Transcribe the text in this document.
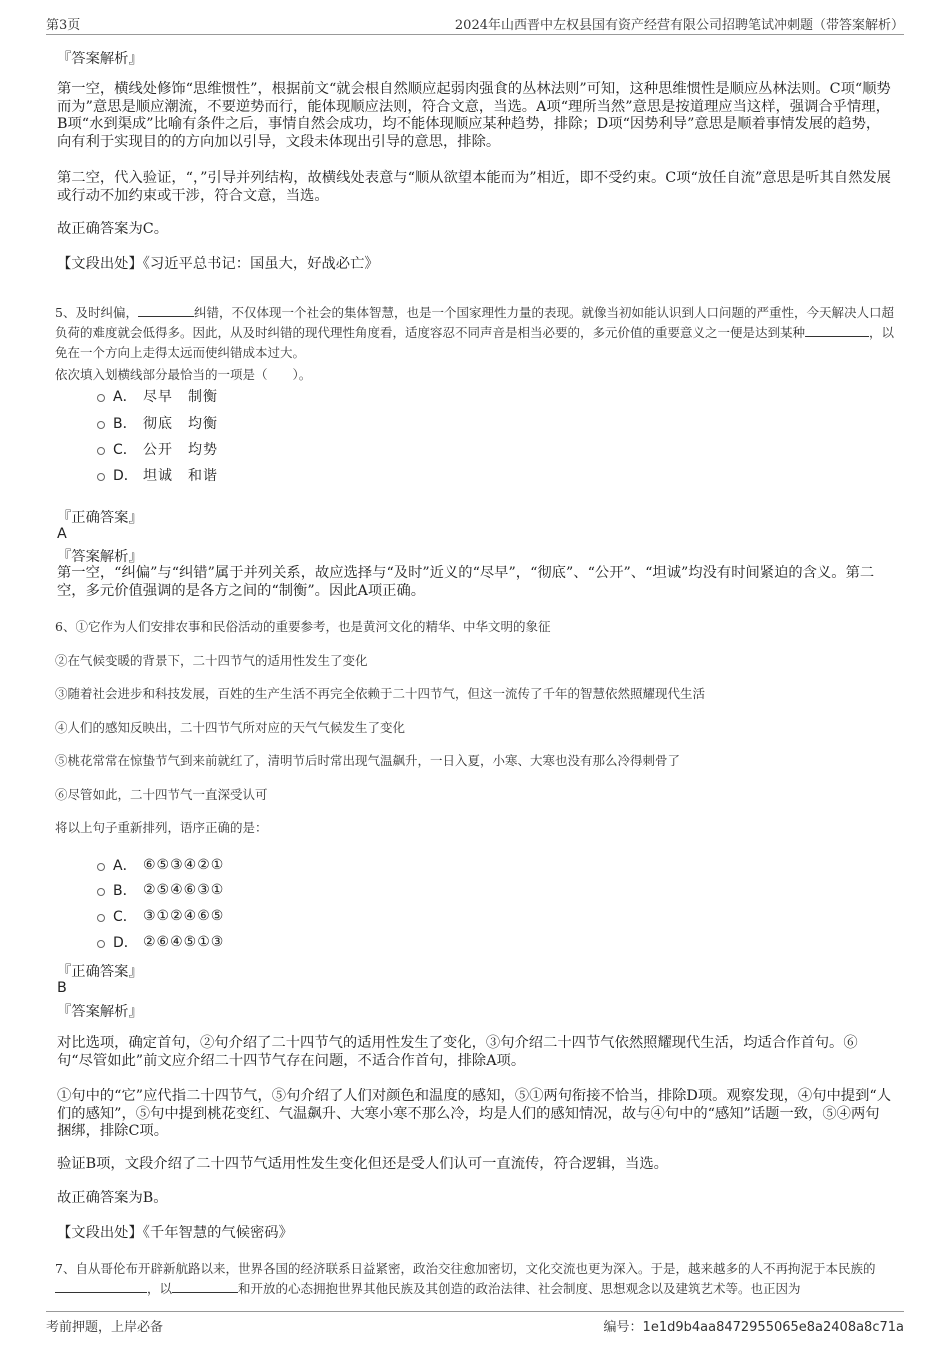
第3页	2024年山西晋中左权县国有资产经营有限公司招聘笔试冲刺题（带答案解析）
『答案解析』
第一空，横线处修饰“思维惯性”，根据前文“就会根自然顺应起弱肉强食的丛林法则”可知，这种思维惯性是顺应丛林法则。C项“顺势而为”意思是顺应潮流，不要逆势而行，能体现顺应法则，符合文意，当选。A项“理所当然”意思是按道理应当这样，强调合乎情理，B项“水到渠成”比喻有条件之后，事情自然会成功，均不能体现顺应某种趋势，排除；D项“因势利导”意思是顺着事情发展的趋势，向有利于实现目的的方向加以引导，文段未体现出引导的意思，排除。
第二空，代入验证，“，”引导并列结构，故横线处表意与“顺从欲望本能而为”相近，即不受约束。C项“放任自流”意思是听其自然发展或行动不加约束或干涉，符合文意，当选。
故正确答案为C。
【文段出处】《习近平总书记：国虽大，好战必亡》
5、及时纠偏，	纠错，不仅体现一个社会的集体智慧，也是一个国家理性力量的表现。就像当初如能认识到人口问题的严重性，今天解决人口超负荷的难度就会低得多。因此，从及时纠错的现代理性角度看，适度容忍不同声音是相当必要的，多元价值的重要意义之一便是达到某种	，以免在一个方向上走得太远而使纠错成本过大。
依次填入划横线部分最恰当的一项是（　　）。
A． 尽早　制衡
B． 彻底　均衡
C． 公开　均势
D． 坦诚　和谐
『正确答案』
A
『答案解析』
第一空，“纠偏”与“纠错”属于并列关系，故应选择与“及时”近义的“尽早”，“彻底”、“公开”、“坦诚”均没有时间紧迫的含义。第二空，多元价值强调的是各方之间的“制衡”。因此A项正确。
6、①它作为人们安排农事和民俗活动的重要参考，也是黄河文化的精华、中华文明的象征
②在气候变暖的背景下，二十四节气的适用性发生了变化
③随着社会进步和科技发展，百姓的生产生活不再完全依赖于二十四节气，但这一流传了千年的智慧依然照耀现代生活
④人们的感知反映出，二十四节气所对应的天气气候发生了变化
⑤桃花常常在惊蛰节气到来前就红了，清明节后时常出现气温飙升，一日入夏，小寒、大寒也没有那么冷得刺骨了
⑥尽管如此，二十四节气一直深受认可
将以上句子重新排列，语序正确的是：
A． ⑥⑤③④②①
B． ②⑤④⑥③①
C． ③①②④⑥⑤
D． ②⑥④⑤①③
『正确答案』
B
『答案解析』
对比选项，确定首句，②句介绍了二十四节气的适用性发生了变化，③句介绍二十四节气依然照耀现代生活，均适合作首句。⑥句“尽管如此”前文应介绍二十四节气存在问题，不适合作首句，排除A项。
①句中的“它”应代指二十四节气，⑤句介绍了人们对颜色和温度的感知，⑤①两句衔接不恰当，排除D项。观察发现，④句中提到“人们的感知”，⑤句中提到桃花变红、气温飙升、大寒小寒不那么冷，均是人们的感知情况，故与④句中的“感知”话题一致，⑤④两句捆绑，排除C项。
验证B项，文段介绍了二十四节气适用性发生变化但还是受人们认可一直流传，符合逻辑，当选。
故正确答案为B。
【文段出处】《千年智慧的气候密码》
7、自从哥伦布开辟新航路以来，世界各国的经济联系日益紧密，政治交往愈加密切，文化交流也更为深入。于是，越来越多的人不再拘泥于本民族的，以	和开放的心态拥抱世界其他民族及其创造的政治法律、社会制度、思想观念以及建筑艺术等。也正因为
考前押题，上岸必备	编号：1e1d9b4aa8472955065e8a2408a8c71a
